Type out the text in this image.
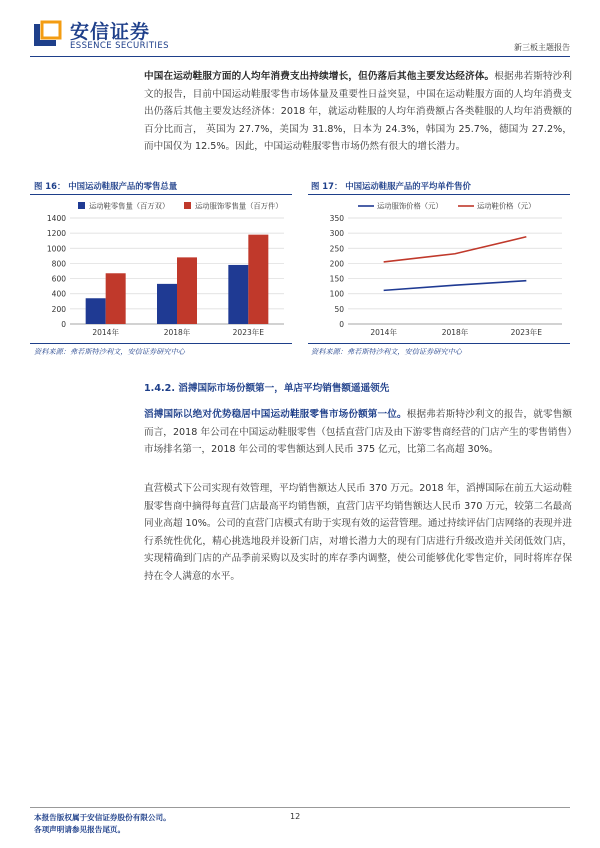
安信证券
ESSENCE SECURITIES	新三板主题报告
中国在运动鞋服方面的人均年消费支出持续增长，但仍落后其他主要发达经济体。根据弗若斯特沙利文的报告，目前中国运动鞋服零售市场体量及重要性日益突显，中国在运动鞋服方面的人均年消费支出仍落后其他主要发达经济体：2018 年，就运动鞋服的人均年消费额占各类鞋服的人均年消费额的百分比而言， 英国为 27.7%，美国为 31.8%，日本为 24.3%，韩国为 25.7%，德国为 27.2%，而中国仅为 12.5%。因此，中国运动鞋服零售市场仍然有很大的增长潜力。
图 16： 中国运动鞋服产品的零售总量
0
200
400
600
800
1000
1200
1400
2014年	2018年	2023年E
运动鞋零售量（百万双）	运动服饰零售量（百万件）
资料来源：弗若斯特沙利文，安信证券研究中心
图 17： 中国运动鞋服产品的平均单件售价
0
50
100
150
200
250
300
350
2014年	2018年	2023年E
运动服饰价格（元）	运动鞋价格（元）
资料来源：弗若斯特沙利文，安信证券研究中心
1.4.2. 滔搏国际市场份额第一，单店平均销售额遥遥领先
滔搏国际以绝对优势稳居中国运动鞋服零售市场份额第一位。根据弗若斯特沙利文的报告，就零售额而言，2018 年公司在中国运动鞋服零售（包括直营门店及由下游零售商经营的门店产生的零售销售）市场排名第一，2018 年公司的零售额达到人民币 375 亿元，比第二名高超 30%。
直营模式下公司实现有效管理，平均销售额达人民币 370 万元。2018 年，滔搏国际在前五大运动鞋服零售商中摘得每直营门店最高平均销售额，直营门店平均销售额达人民币 370 万元，较第二名最高同业高超 10%。公司的直营门店模式有助于实现有效的运营管理。通过持续评估门店网络的表现并进行系统性优化，精心挑选地段并设新门店，对增长潜力大的现有门店进行升级改造并关闭低效门店，实现精确到门店的产品季前采购以及实时的库存季内调整，使公司能够优化零售定价，同时将库存保持在令人满意的水平。
12
本报告版权属于安信证券股份有限公司。
各项声明请参见报告尾页。
